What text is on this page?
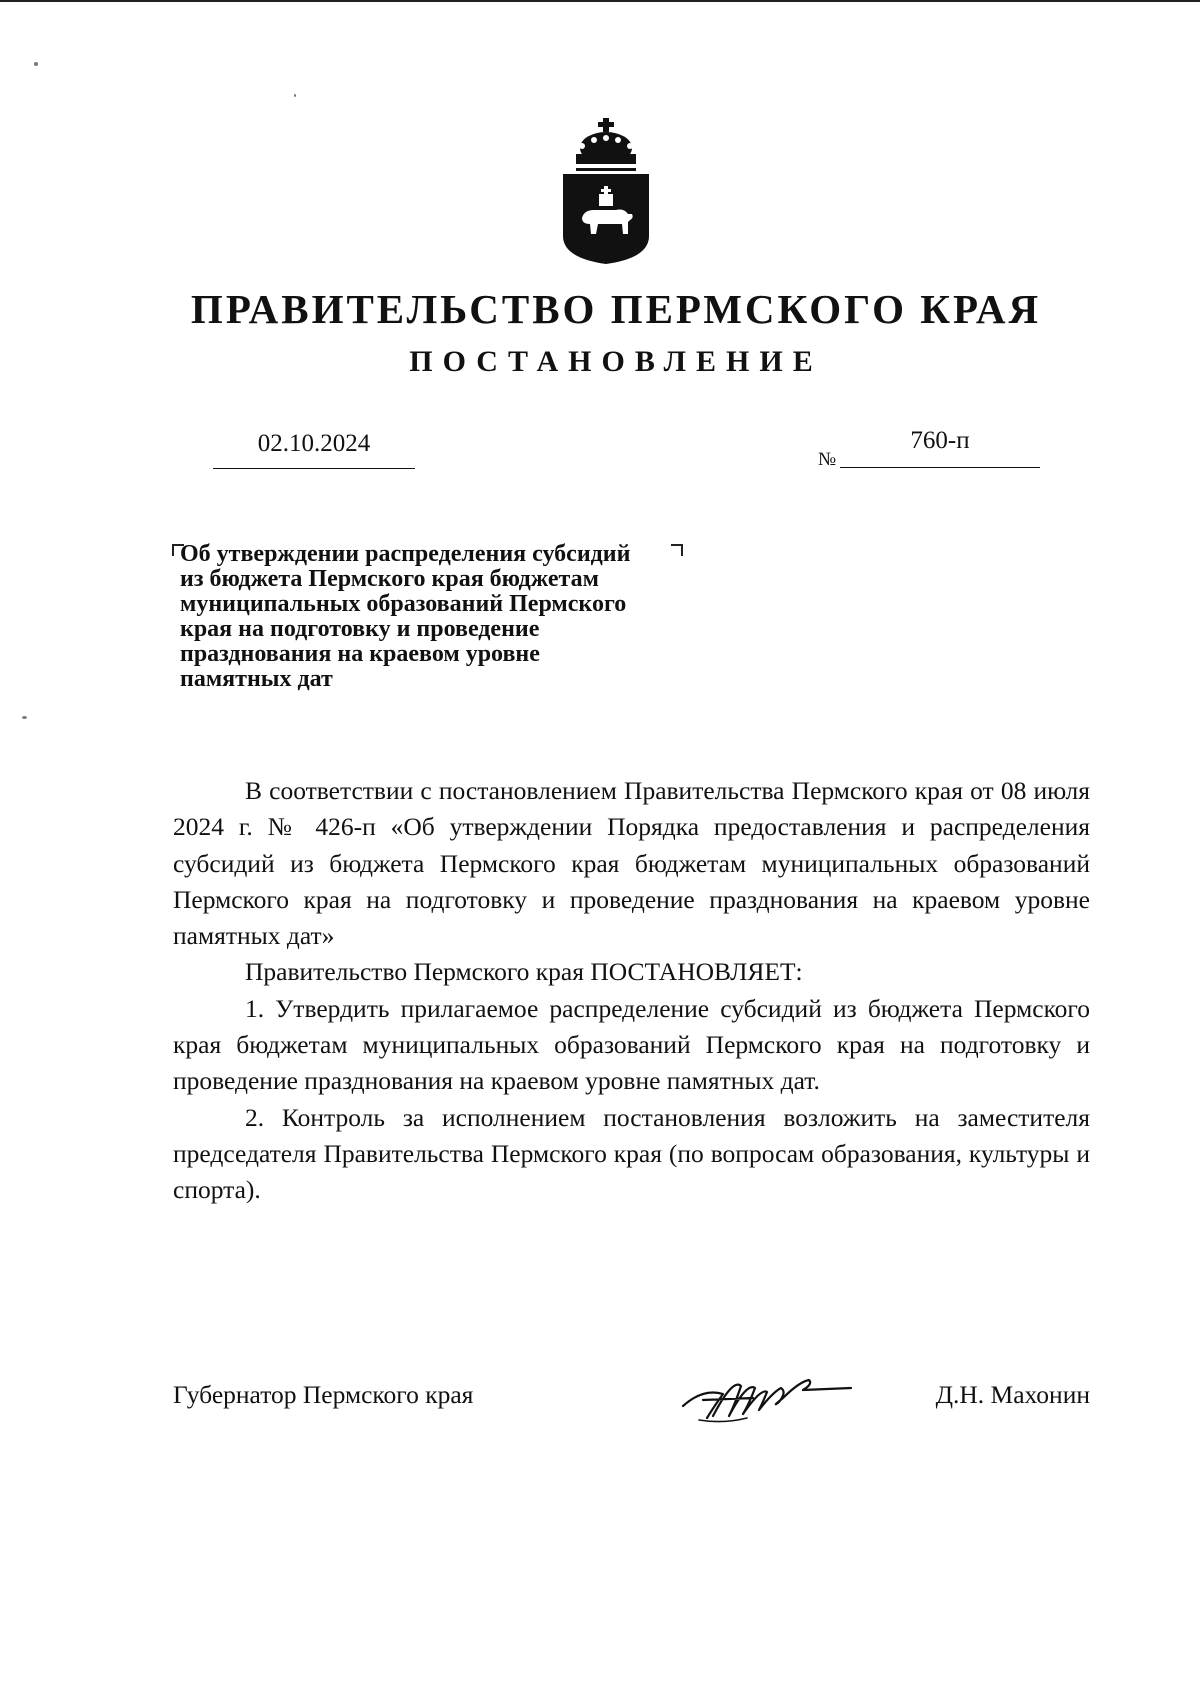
ПРАВИТЕЛЬСТВО ПЕРМСКОГО КРАЯ
ПОСТАНОВЛЕНИЕ
02.10.2024
№
760-п
Об утверждении распределения субсидий
из бюджета Пермского края бюджетам
муниципальных образований Пермского
края на подготовку и проведение
празднования на краевом уровне
памятных дат

В соответствии с постановлением Правительства Пермского края от 08 июля 2024 г. № 426-п «Об утверждении Порядка предоставления и распределения субсидий из бюджета Пермского края бюджетам муниципальных образований Пермского края на подготовку и проведение празднования на краевом уровне памятных дат»

Правительство Пермского края ПОСТАНОВЛЯЕТ:

1. Утвердить прилагаемое распределение субсидий из бюджета Пермского края бюджетам муниципальных образований Пермского края на подготовку и проведение празднования на краевом уровне памятных дат.

2. Контроль за исполнением постановления возложить на заместителя председателя Правительства Пермского края (по вопросам образования, культуры и спорта).

Губернатор Пермского края	Д.Н. Махонин
